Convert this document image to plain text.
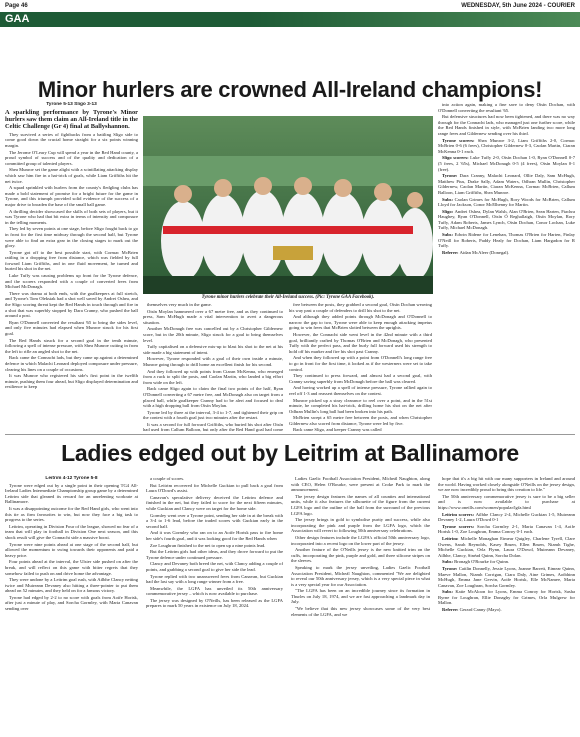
Page 46	WEDNESDAY, 5th June 2024 - COURIER
GAA
Minor hurlers are crowned All-Ireland champions!

Tyrone 5-13 Sligo 3-13

A sparkling performance by Tyrone's Minor hurlers saw them claim an All-Ireland title in the Celtic Challenge (Gr 4) final at Ballyshannon.

They survived a series of fightbacks from a battling Sligo side to come good down the crucial home straight for a six points winning margin.

The Jerome O'Leary Cup will spend a year in the Red Hand county, a proud symbol of success and of the quality and dedication of a committed group of talented players.

Shea Munroe set the game alight with a scintillating attacking display which saw him fire in a hat-trick of goals, while Liam Griffiths hit the net twice.

A squad sprinkled with hurlers from the county's fledgling clubs has made a bold statement of promise for a bright future for the game in Tyrone, and this triumph provided solid evidence of the success of a major drive to broaden the base of the small ball game.

A thrilling decider showcased the skills of both sets of players, but it was Tyrone who had that bit extra in terms of intensity and composure in the telling moments.

They led by seven points at one stage, before Sligo fought back to go in front for the first time midway through the second half, but Tyrone were able to find an extra gear in the closing stages to mark out the glory.

Tyrone got off to the best possible start, with Cormac McBrien rattling in a dropping free from distance, which was fielded by full forward Liam Griffiths, and in one fluid movement, he turned and buried his shot in the net.

Luke Tuffy was causing problems up front for the Tyrone defence, and the scorers responded with a couple of converted frees from Michael McDonagh.

There was drama at both ends, with the goalkeepers at full stretch, and Tyrone's Tom Oleksiak had a shot well saved by Andrei Oshea, and the Sligo scoring threat kept the Red Hands in touch through and fire in a shot that was superbly stopped by Dara Cranny, who pushed the ball around a post.

Ryan O'Donnell converted the resultant '65 to bring the sides level, and only five minutes had elapsed when Munroe struck for his first goal.

The Red Hands struck for a second goal in the tenth minute, following a spell of intense pressure, with Shea Munroe cutting in from the left to rifle an angled shot to the net.

Back came the Connacht lads, but they came up against a determined defence in which Malachi Leonard deployed composure under pressure, clearing his lines on a couple of occasions.

It was Munroe who registered his side's first point in the twelfth minute, pushing them four ahead, but Sligo displayed determination and resilience to keep

Tyrone minor hurlers celebrate their All-Ireland success. (Pic: Tyrone GAA Facebook).

themselves very much in the game.

Oisín Moylan hammered over a 67 metre free, and as they continued to press, Sam McHugh made a vital intervention to avert a dangerous situation.

Another McDonagh free was cancelled out by a Christopher Gildernew score, but in the 20th minute, Sligo struck for a goal to bring themselves level.

Tuffy capitalised on a defensive mix-up to blast his shot to the net at his side made a big statement of intent.

However, Tyrone responded with a goal of their own inside a minute, Munroe going through to drill home an excellent finish for his second.

And they followed up with points from Ciaran McKenna, who emerged from a ruck to split the posts, and Caolan Martin, who landed a big effort from wide on the left.

Back came Sligo again to claim the final two points of the half, Ryan O'Donnell converting a 67 metre free, and McDonagh also on target from a placed ball, while goalkeeper Cranny had to be alert and focused to deal with a high dropping ball from Oisín Moylan.

Tyrone led by three at the interval, 3-4 to 1-7, and tightened their grip on the contest with a fourth goal just two minutes after the restart.

It was a second for full forward Griffiths, who buried his shot after Oisín had used from Callum Balloon, but only after the Red Hand goal had come

free between the posts, they grabbed a second goal, Oisín Dochan weaving his way past a couple of defenders to drill his shot to the net.

And although they added points through McDonagh and O'Donnell to narrow the gap to two, Tyrone were able to keep enough attacking impetus going to win frees that McBrien slotted between the uprights.

However, the Connacht side went level in the 42nd minute with a third goal, brilliantly crafted by Thomas O'Brien and McDonagh, who presented Tuffy with the perfect pass, and the burly full forward used his strength to hold off his marker and fire his shot past Cranny.

And when they followed up with a point from O'Donnell's long range free to go in front for the first time, it looked as if the westerners were set to take control.

They continued to press forward, and almost had a second goal, with Cranny saving superbly from McDonagh before the ball was cleared.

And having worked up a spell of intense pressure, Tyrone rallied again to reel off 1-3 and reassert themselves on the contest.

Munroe picked up a stray clearance to reel over a point, and in the 51st minute, he completed his hat-trick, drilling home his shot on the net after Odhran Mullin's long ball had been broken into his path.

McBrien swept a 65 metre free between the posts, and when Christopher Gildernew also scored from distance, Tyrone were led by five.

Back came Sligo, and keeper Cranny was called

into action again, making a fine save to deny Oisín Dochan, with O'Donnell converting the resultant '65.

But defensive structures had now been tightened, and there was no way through for the Connacht lads, who managed just one further score, while the Red Hands finished in style, with McBrien landing two more long range frees and Gildernew sending over his third.

Tyrone scorers: Shea Munroe 3-2, Liam Griffiths 2-0, Cormac McBrien 0-6 (6 frees), Christopher Gildernew 0-3, Caolan Martin, Ciaran McKenna 0-1 each.

Sligo scorers: Luke Tuffy 2-0, Oisín Dochan 1-0, Ryan O'Donnell 0-7 (5 frees, 2 '65s), Michael McDonagh 0-5 (4 frees), Oisín Moylan 0-1 (free).

Tyrone: Dara Cranny, Malachi Leonard, Ollie Daly, Sam McHugh, Matthew Pius, Drake Sally, Adam Waters, Odhran Mullin, Christopher Gildernew, Caolan Martin, Ciaran McKenna, Cormac McBrien, Callum Balloon, Liam Griffiths, Shea Munroe.

Subs: Caolan Grimes for McHugh, Rory Woods for McBrien, Callum Lloyd for Jackson, Conor McElhenny for Martin.

Sligo: Andrei Oshea, Dylan Walsh, Alan O'Brien, Sean Harten, Fiachra Haughey, Ryan O'Donnell, Oisín Ó Reghallaigh, Oisín Moylan, Rory Tuffy, Adam Roberts, James Lynch, Oisín Dochan, Conor Lochan, Luke Tuffy, Michael McDonagh.

Subs: Edwin Ridene for Lenehan, Thomas O'Brien for Harten, Finlay O'Neill for Roberts, Paddy Healy for Dochan, Liam Hargadon for R Tuffy.

Referee: Aidan McAleer (Donegal).

Ladies edged out by Leitrim at Ballinamore

Leitrim 4-12 Tyrone 5-8

Tyrone were edged out by a single point in their opening TG4 All-Ireland Ladies Intermediate Championship group game by a determined Leitrim side that gleaned its reward for an unrelenting workrate at Ballinamore.

It was a disappointing outcome for the Red Hand girls, who went into this tie as firm favourites to win, but now they face a big task to progress to the series.

Leitrim, operating in Division Four of the league, showed no fear of a team that will play in football in Division One next season, and this shock result will give the Connacht side a massive boost.

Tyrone were nine points ahead at one stage of the second half, but allowed the momentum to swing towards their opponents and paid a heavy price.

Four points ahead at the interval, the Ulster side pushed on after the break, and will reflect on this game with bitter regrets that they somehow failed to push on and drive home the advantage.

They were undone by a Leitrim goal rush, with Ailbhe Clancy netting twice and Muireann Devaney also hitting a three-pointer to put them ahead on 52 minutes, and they held on for a famous victory.

Tyrone had edged by 2-2 to no score with goals from Aoife Horisk, after just a minute of play, and Sorcha Gormley, with Maria Canavan sending over

a couple of scores.

But Leitrim recovered for Michelle Guckian to pull back a goal from Laura O'Dowd's assist.

Canavan's speculative delivery deceived the Leitrim defence and finished in the net, but they failed to score for the next fifteen minutes, while Guckian and Clancy were on target for the home side.

Gormley went over a Tyrone point, sending her side in at the break with a 3-4 to 1-6 lead, before the traded scores with Guckian early in the second half.

And it was Gormley who ran on to an Aoife Horisk pass to fire home her side's fourth goal, and it was looking good for the Red Hands when

Zoe Loughran finished to the net to open up a nine points lead.

But the Leitrim girls had other ideas, and they drove forward to put the Tyrone defence under continued pressure.

Clancy and Devaney both breed the net, with Clancy adding a couple of points, and grabbing a second goal to give her side the lead.

Tyrone replied with two unanswered frees from Canavan, but Guckian had the last say with a long range winner from a free.

Meanwhile, the LGFA has unveiled its 50th anniversary commemorative jersey – which is now available to purchase.

The jersey was designed by O'Neills, has been released as the LGFA prepares to mark 50 years in existence on July 18, 2024.

Ladies Gaelic Football Association President, Mícheál Naughton, along with CEO, Helen O'Rourke, were present at Croke Park to mark the announcement.

The jersey design features the names of all counties and international units, while it also features the silhouette of the figure from the current LGFA logo and the outline of the ball from the surround of the previous LGFA logo.

The jersey brings in gold to symbolise purity and success, while also incorporating the pink and purple from the LGFA logo, which the Association will revert to following 50th anniversary celebrations.

Other design features include the LGFA's official 50th anniversary logo, incorporated into a recent logo on the lower part of the jersey.

Another feature of the O'Neills jersey is the new knitted trim on the cuffs, incorporating the pink, purple and gold, and three silicone stripes on the sleeves.

Speaking to mark the jersey unveiling, Ladies Gaelic Football Association President, Mícheál Naughton, commented "We are delighted to reveal our 50th anniversary jersey, which is a very special piece in what is a very special year for our Association.

"The LGFA has been on an incredible journey since its formation in Thurles on July 18, 1974, and we are fast approaching a landmark day in July.

"We believe that this new jersey showcases some of the very best elements of the LGFA, and we

hope that it's a big hit with our many supporters in Ireland and around the world. Having worked closely alongside O'Neills on the jersey design, we are now incredibly proud to bring this creation to life."

The 50th anniversary commemorative jersey is sure to be a big seller and is now available to purchase at https://www.oneills.com/women/popular/lgfa.html

Leitrim scorers: Ailbhe Clancy 2-4, Michelle Guckian 1-5, Muireann Devaney 1-2, Laura O'Dowd 0-1

Tyrone scorers: Sorcha Gormley 2-1, Maria Canavan 1-4, Aoife Horisk 1-0, Zoe Loughran, Emma Conroy 0-1 each.

Leitrim: Michelle Monaghan Eimear Quigley, Charlene Tyrell, Clare Owens, Sarah Reynolds, Kasey Bruen, Ellen Bruen, Niamh Tighe, Michelle Guckian, Orla Flynn, Laura O'Dowd, Muireann Devaney, Ailbhe, Clancy, Sinéad Quinn, Sorcha Dolan.

Subs: Bronagh O'Rourke for Quinn.

Tyrone: Caitlin Donnelly, Jessie Lyons, Joanne Barrett, Eimear Quinn, Maeve Mallon, Niamh Corrigan, Ciara Daly, Aine Grimes, Aoibhinn McHugh, Emma Jane Gervin, Aoife Horisk, Elle McNamee, Maria Canavan, Zoe Loughran, Sorcha Gormley.

Subs: Katie McAloon for Lyons, Emma Conroy for Horisk, Sasha Byrne for Loughran, Ellie Donaghy for Grimes, Orla Mulgrew for Mallon.

Referee: Gerard Canny (Mayo).
